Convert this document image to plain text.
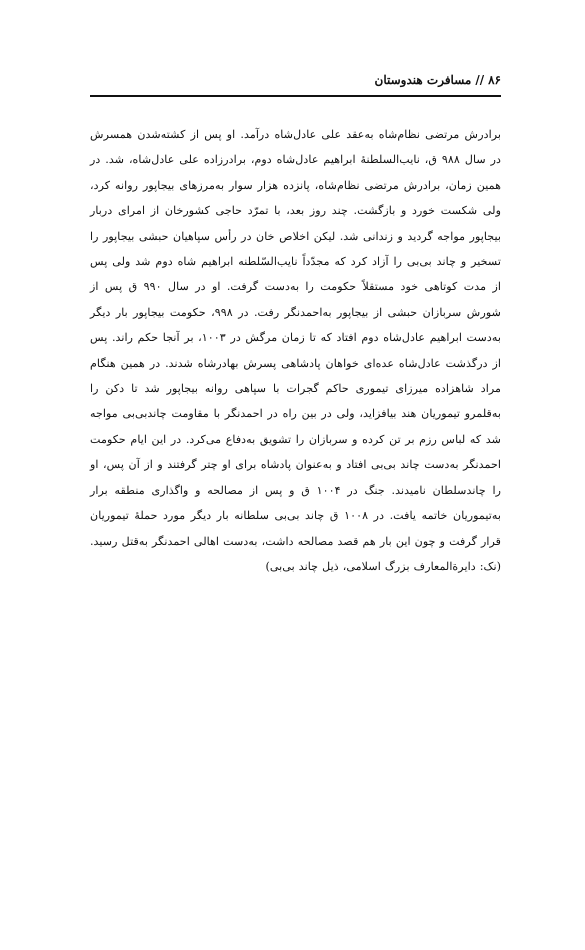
۸۶//مسافرت هندوستان

برادرش مرتضی نظام‌شاه به‌عقد علی عادل‌شاه درآمد. او پس از کشته‌شدن همسرش در سال ۹۸۸ ق، نایب‌السلطنهٔ ابراهیم عادل‌شاه دوم، برادرزاده علی عادل‌شاه، شد. در همین زمان، برادرش مرتضی نظام‌شاه، پانزده هزار سوار به‌مرزهای بیجاپور روانه کرد، ولی شکست خورد و بازگشت. چند روز بعد، با تمرّد حاجی کشورخان از امرای دربار بیجاپور مواجه گردید و زندانی شد. لیکن اخلاص خان در رأس سپاهیان حبشی بیجاپور را تسخیر و چاند بی‌بی را آزاد کرد که مجدّداً نایب‌السّلطنه ابراهیم شاه دوم شد ولی پس از مدت کوتاهی خود مستقلاً حکومت را به‌دست گرفت. او در سال ۹۹۰ ق پس از شورش سربازان حبشی از بیجاپور به‌احمدنگر رفت. در ۹۹۸، حکومت بیجاپور بار دیگر به‌دست ابراهیم عادل‌شاه دوم افتاد که تا زمان مرگش در ۱۰۰۳، بر آنجا حکم راند. پس از درگذشت عادل‌شاه عده‌ای خواهان پادشاهی پسرش بهادرشاه شدند. در همین هنگام مراد شاهزاده میرزای تیموری حاکم گجرات با سپاهی روانه بیجاپور شد تا دکن را به‌قلمرو تیموریان هند بیافزاید، ولی در بین راه در احمدنگر با مقاومت چاندبی‌بی مواجه شد که لباس رزم بر تن کرده و سربازان را تشویق به‌دفاع می‌کرد. در این ایام حکومت احمدنگر به‌دست چاند بی‌بی افتاد و به‌عنوان پادشاه برای او چتر گرفتند و از آن پس، او را چاندسلطان نامیدند. جنگ در ۱۰۰۴ ق و پس از مصالحه و واگذاری منطقه برار به‌تیموریان خاتمه یافت. در ۱۰۰۸ ق چاند بی‌بی سلطانه بار دیگر مورد حملهٔ تیموریان قرار گرفت و چون این بار هم قصد مصالحه داشت، به‌دست اهالی احمدنگر به‌قتل رسید. (نک: دایرةالمعارف بزرگ اسلامی، ذیل چاند بی‌بی)
